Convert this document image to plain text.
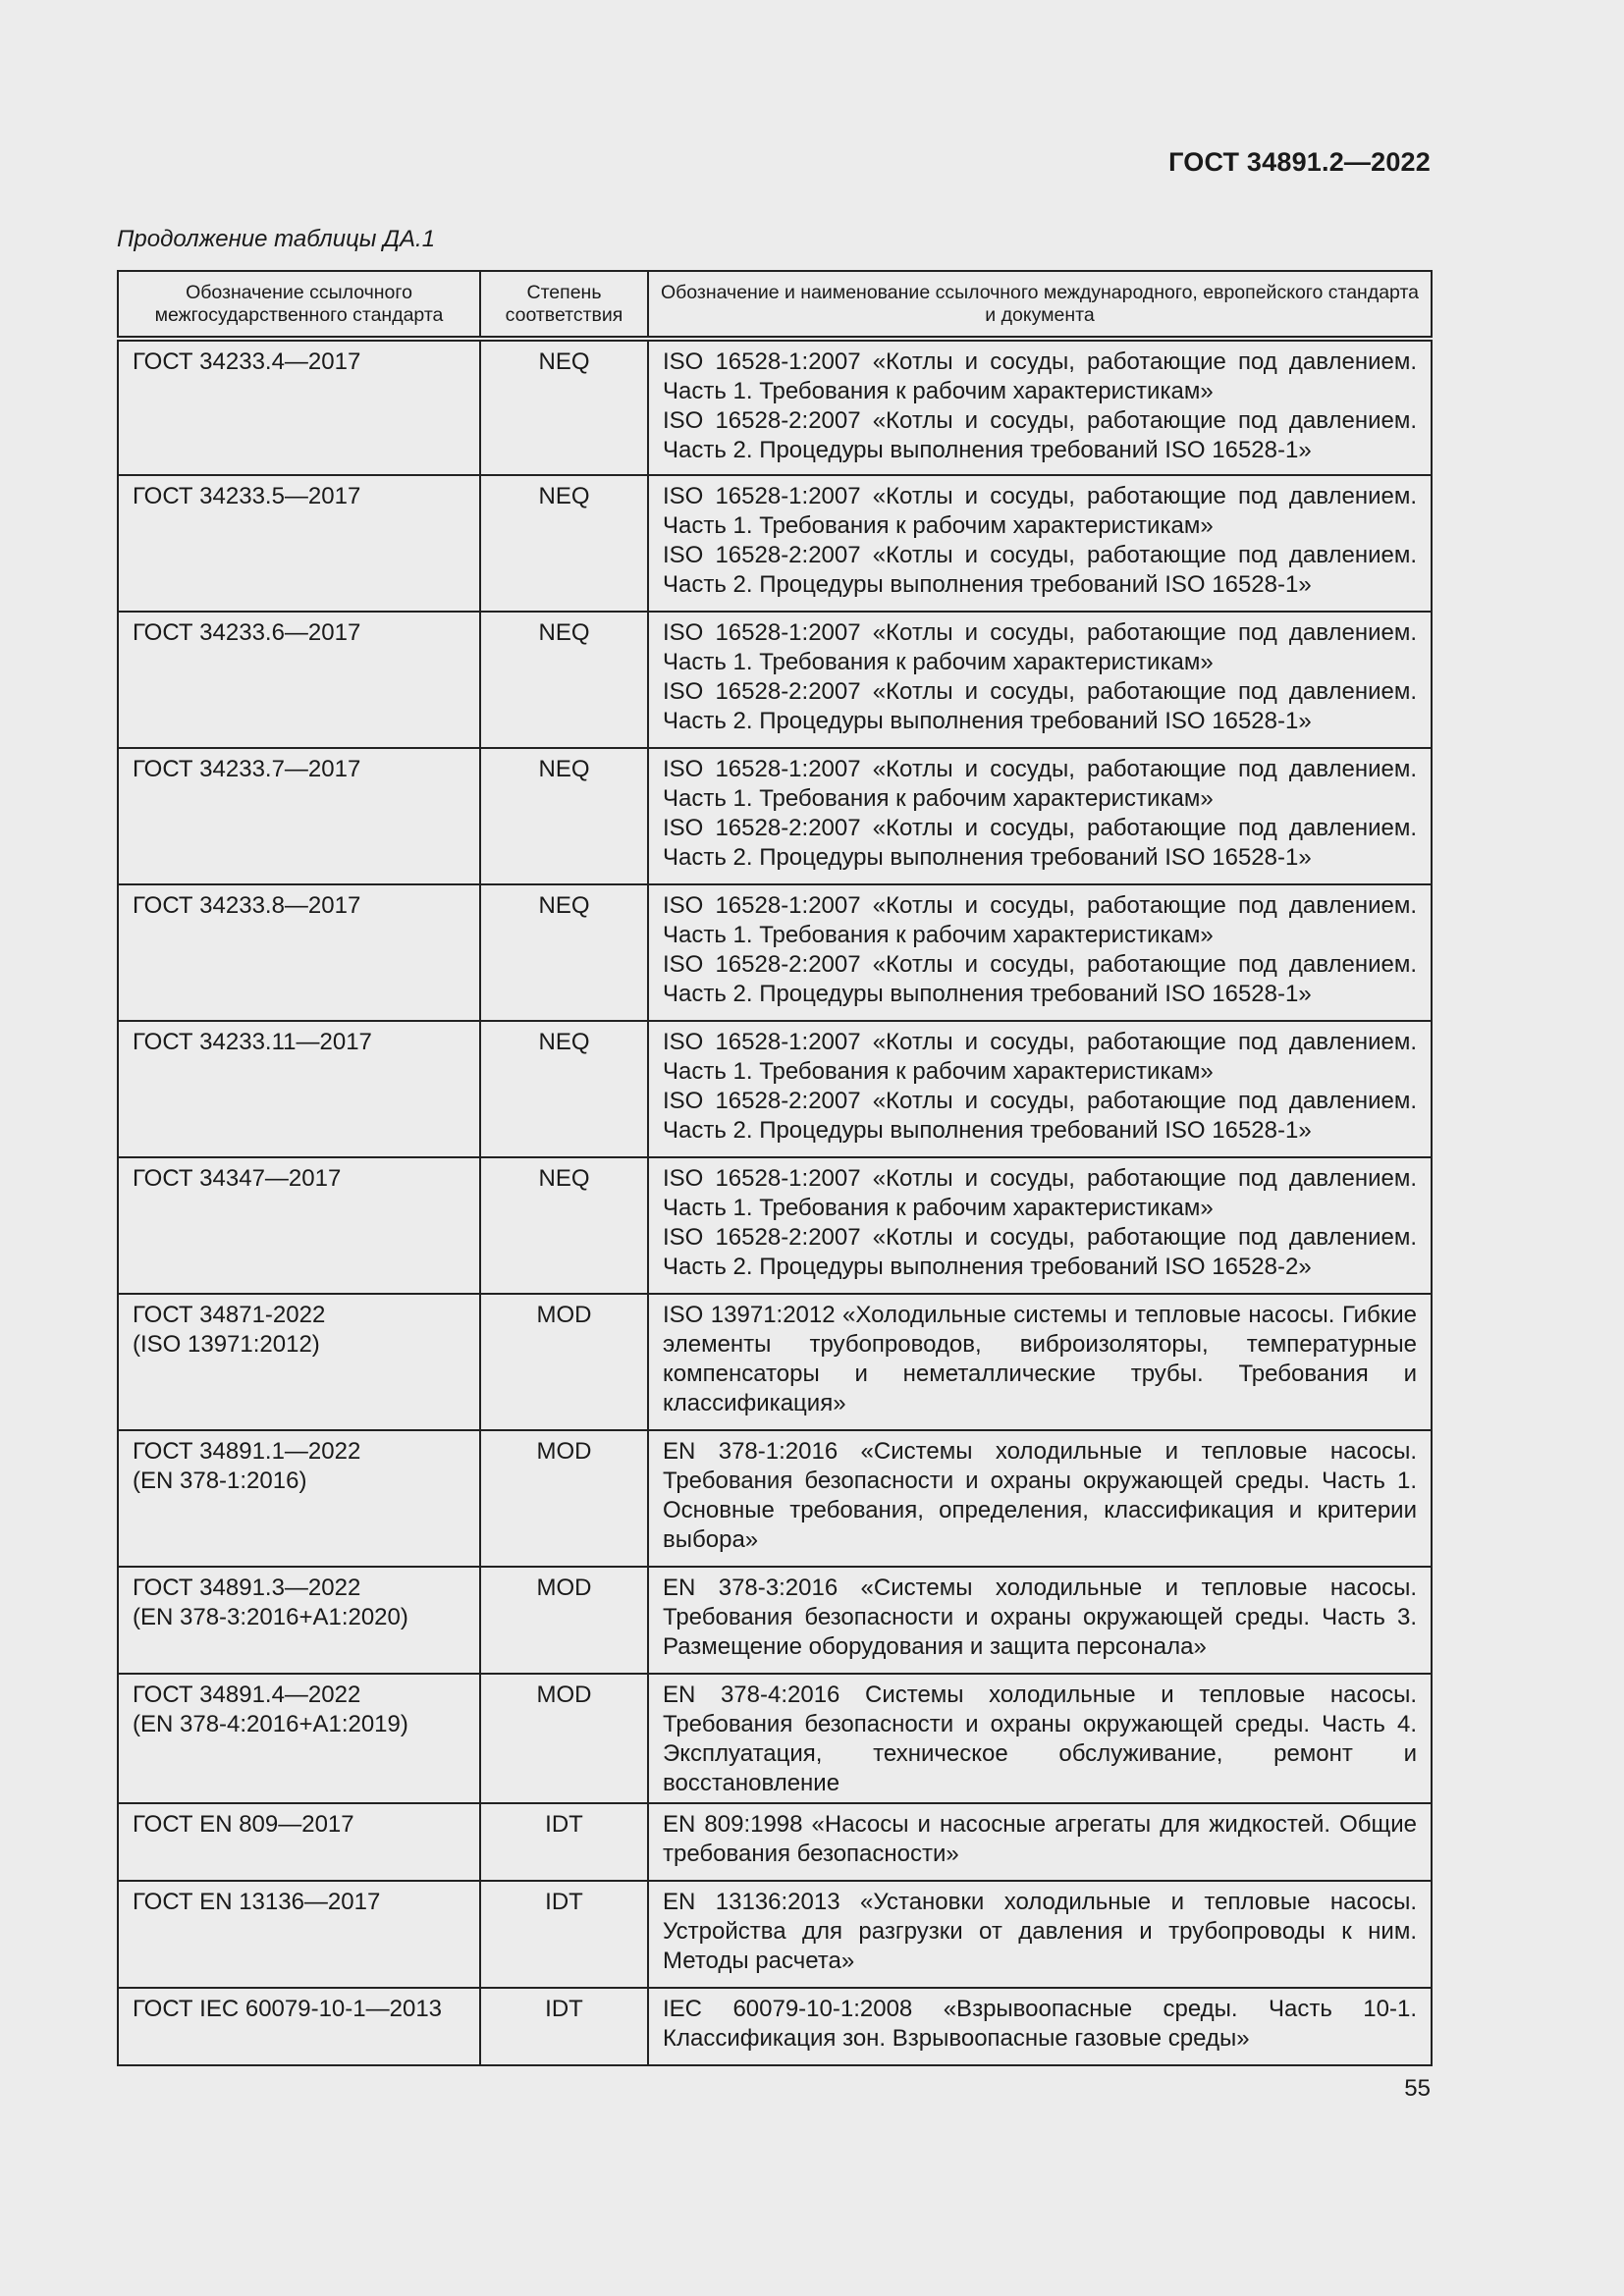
ГОСТ 34891.2—2022
Продолжение таблицы ДА.1
Обозначение ссылочного межгосударственного стандарта	Степень соответствия	Обозначение и наименование ссылочного международного, европейского стандарта и документа

ГОСТ 34233.4—2017	NEQ	ISO 16528-1:2007 «Котлы и сосуды, работающие под давлением. Часть 1. Требования к рабочим характеристикам»
ISO 16528-2:2007 «Котлы и сосуды, работающие под давлением. Часть 2. Процедуры выполнения требований ISO 16528-1»

ГОСТ 34233.5—2017	NEQ	ISO 16528-1:2007 «Котлы и сосуды, работающие под давлением. Часть 1. Требования к рабочим характеристикам»
ISO 16528-2:2007 «Котлы и сосуды, работающие под давлением. Часть 2. Процедуры выполнения требований ISO 16528-1»

ГОСТ 34233.6—2017	NEQ	ISO 16528-1:2007 «Котлы и сосуды, работающие под давлением. Часть 1. Требования к рабочим характеристикам»
ISO 16528-2:2007 «Котлы и сосуды, работающие под давлением. Часть 2. Процедуры выполнения требований ISO 16528-1»

ГОСТ 34233.7—2017	NEQ	ISO 16528-1:2007 «Котлы и сосуды, работающие под давлением. Часть 1. Требования к рабочим характеристикам»
ISO 16528-2:2007 «Котлы и сосуды, работающие под давлением. Часть 2. Процедуры выполнения требований ISO 16528-1»

ГОСТ 34233.8—2017	NEQ	ISO 16528-1:2007 «Котлы и сосуды, работающие под давлением. Часть 1. Требования к рабочим характеристикам»
ISO 16528-2:2007 «Котлы и сосуды, работающие под давлением. Часть 2. Процедуры выполнения требований ISO 16528-1»

ГОСТ 34233.11—2017	NEQ	ISO 16528-1:2007 «Котлы и сосуды, работающие под давлением. Часть 1. Требования к рабочим характеристикам»
ISO 16528-2:2007 «Котлы и сосуды, работающие под давлением. Часть 2. Процедуры выполнения требований ISO 16528-1»

ГОСТ 34347—2017	NEQ	ISO 16528-1:2007 «Котлы и сосуды, работающие под давлением. Часть 1. Требования к рабочим характеристикам»
ISO 16528-2:2007 «Котлы и сосуды, работающие под давлением. Часть 2. Процедуры выполнения требований ISO 16528-2»

ГОСТ 34871-2022
(ISO 13971:2012)	MOD	ISO 13971:2012 «Холодильные системы и тепловые насосы. Гибкие элементы трубопроводов, виброизоляторы, температурные компенсаторы и неметаллические трубы. Требования и классификация»

ГОСТ 34891.1—2022
(EN 378-1:2016)	MOD	EN 378-1:2016 «Системы холодильные и тепловые насосы. Требования безопасности и охраны окружающей среды. Часть 1. Основные требования, определения, классификация и критерии выбора»

ГОСТ 34891.3—2022
(EN 378-3:2016+A1:2020)	MOD	EN 378-3:2016 «Системы холодильные и тепловые насосы. Требования безопасности и охраны окружающей среды. Часть 3. Размещение оборудования и защита персонала»

ГОСТ 34891.4—2022
(EN 378-4:2016+A1:2019)	MOD	EN 378-4:2016 Системы холодильные и тепловые насосы. Требования безопасности и охраны окружающей среды. Часть 4. Эксплуатация, техническое обслуживание, ремонт и восстановление

ГОСТ EN 809—2017	IDT	EN 809:1998 «Насосы и насосные агрегаты для жидкостей. Общие требования безопасности»

ГОСТ EN 13136—2017	IDT	EN 13136:2013 «Установки холодильные и тепловые насосы. Устройства для разгрузки от давления и трубопроводы к ним. Методы расчета»

ГОСТ IEC 60079-10-1—2013	IDT	IEC 60079-10-1:2008 «Взрывоопасные среды. Часть 10-1. Классификация зон. Взрывоопасные газовые среды»
55
